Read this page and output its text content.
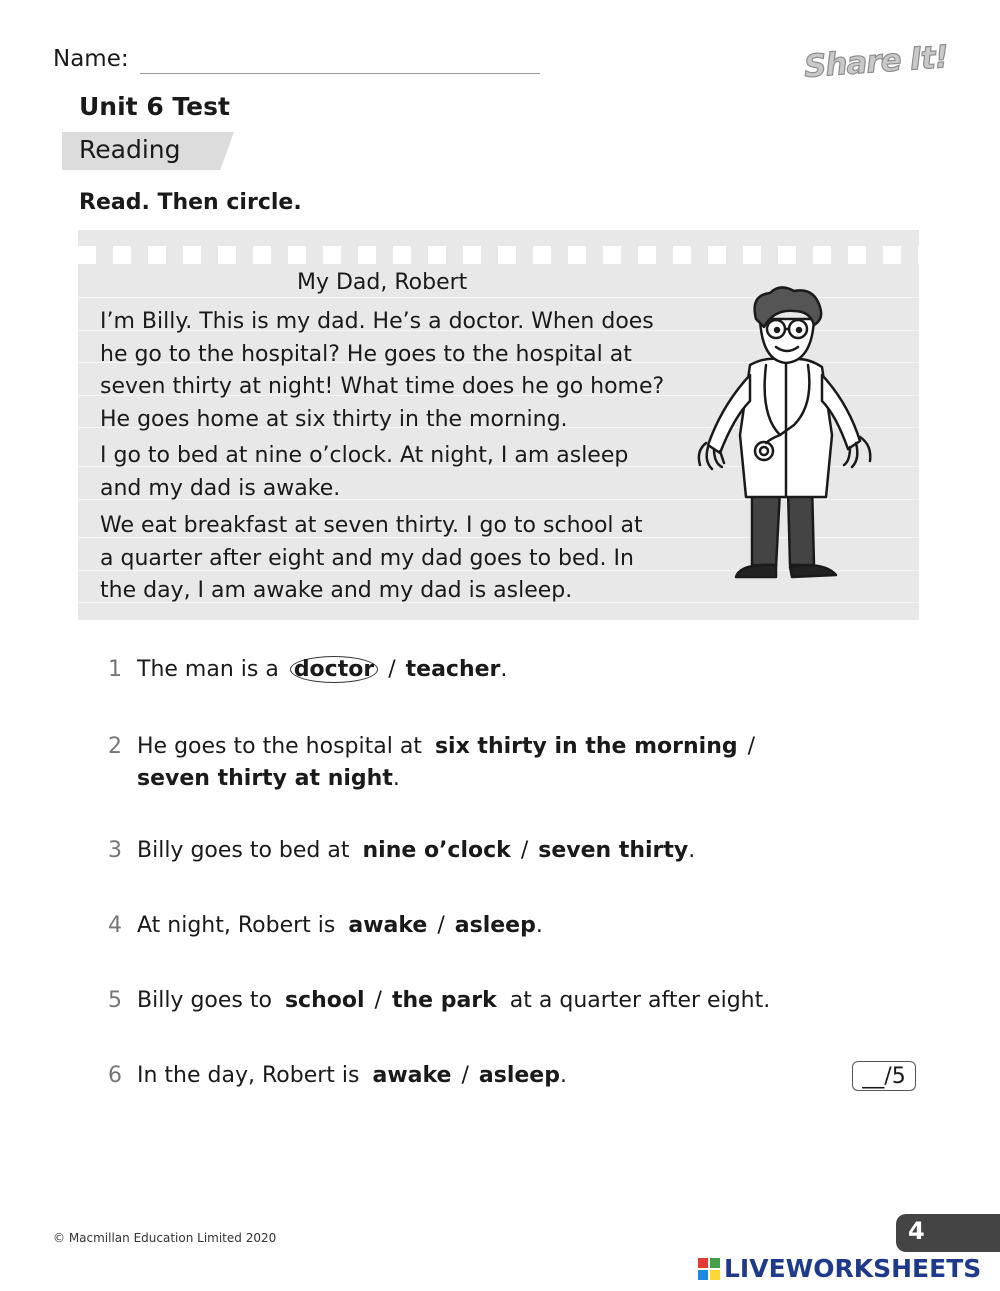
Name:	Share It!
Unit 6 Test
Reading
Read. Then circle.
My Dad, Robert
I’m Billy. This is my dad. He’s a doctor. When does
he go to the hospital? He goes to the hospital at
seven thirty at night! What time does he go home?
He goes home at six thirty in the morning.
I go to bed at nine o’clock. At night, I am asleep
and my dad is awake.
We eat breakfast at seven thirty. I go to school at
a quarter after eight and my dad goes to bed. In
the day, I am awake and my dad is asleep.
1 The man is a doctor / teacher.
2 He goes to the hospital at six thirty in the morning /
seven thirty at night.
3 Billy goes to bed at nine o’clock / seven thirty.
4 At night, Robert is awake / asleep.
5 Billy goes to school / the park at a quarter after eight.
6 In the day, Robert is awake / asleep.	__/5
© Macmillan Education Limited 2020	4
LIVEWORKSHEETS
